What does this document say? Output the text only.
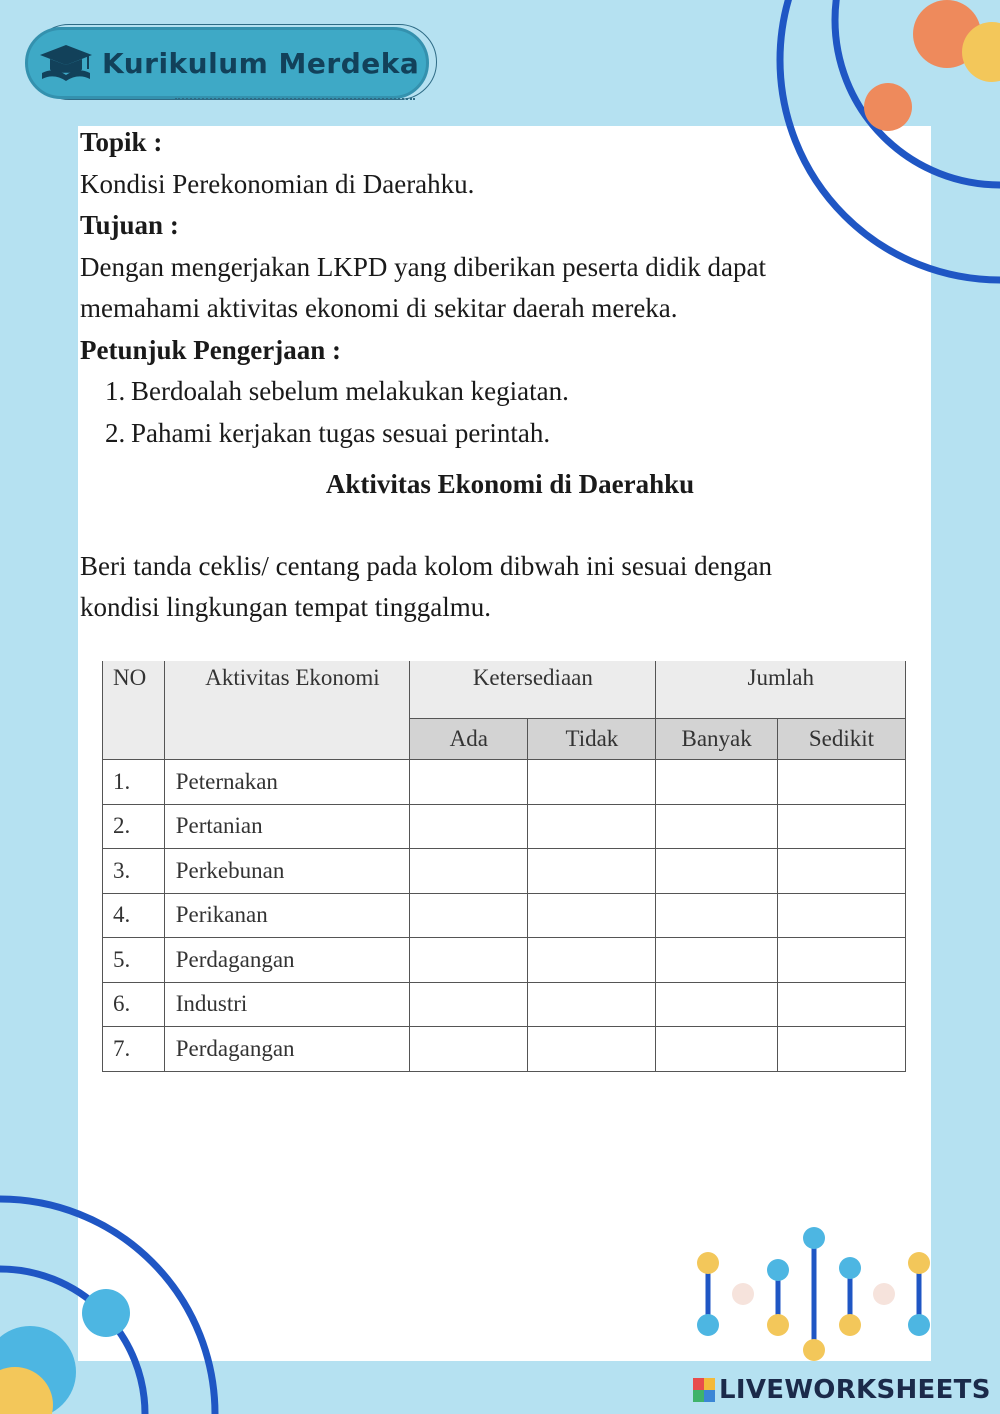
Kurikulum Merdeka

Topik :

Kondisi Perekonomian di Daerahku.

Tujuan :

Dengan mengerjakan LKPD yang diberikan peserta didik dapat

memahami aktivitas ekonomi di sekitar daerah mereka.

Petunjuk Pengerjaan :

1. Berdoalah sebelum melakukan kegiatan.
2. Pahami kerjakan tugas sesuai perintah.

Aktivitas Ekonomi di Daerahku

Beri tanda ceklis/ centang pada kolom dibwah ini sesuai dengan

kondisi lingkungan tempat tinggalmu.

NO	Aktivitas Ekonomi	Ketersediaan		Jumlah	
		Ada	Tidak	Banyak	Sedikit
1.	Peternakan				
2.	Pertanian				
3.	Perkebunan				
4.	Perikanan				
5.	Perdagangan				
6.	Industri				
7.	Perdagangan				
LIVEWORKSHEETS
